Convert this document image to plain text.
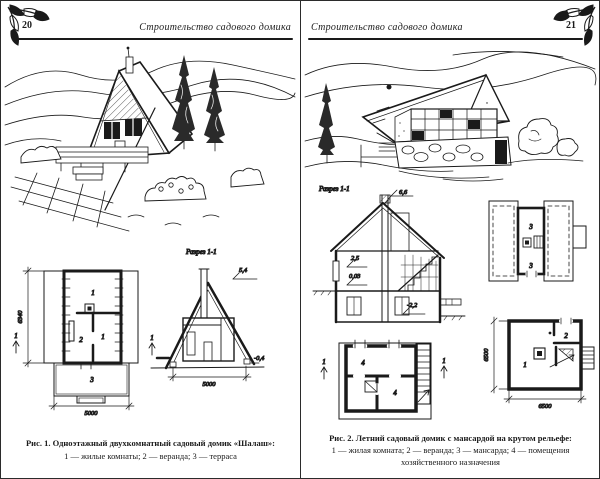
20	Строительство садового домика
6340
5000
1	1
1
2	1
3
Разрез 1-1
5,4
-0,4
5000
Рис. 1. Одноэтажный двухкомнатный садовый домик «Шалаш»:
1 — жилые комнаты; 2 — веранда; 3 — терраса
21
Строительство садового домика
Разрез 1-1	6,6
2,5
0,03
-2,2
3
3
6500
6500
1
2
1	1
4
4
Рис. 2. Летний садовый домик с мансардой на крутом рельефе:
1 — жилая комната; 2 — веранда; 3 — мансарда; 4 — помещения хозяйственного назначения
